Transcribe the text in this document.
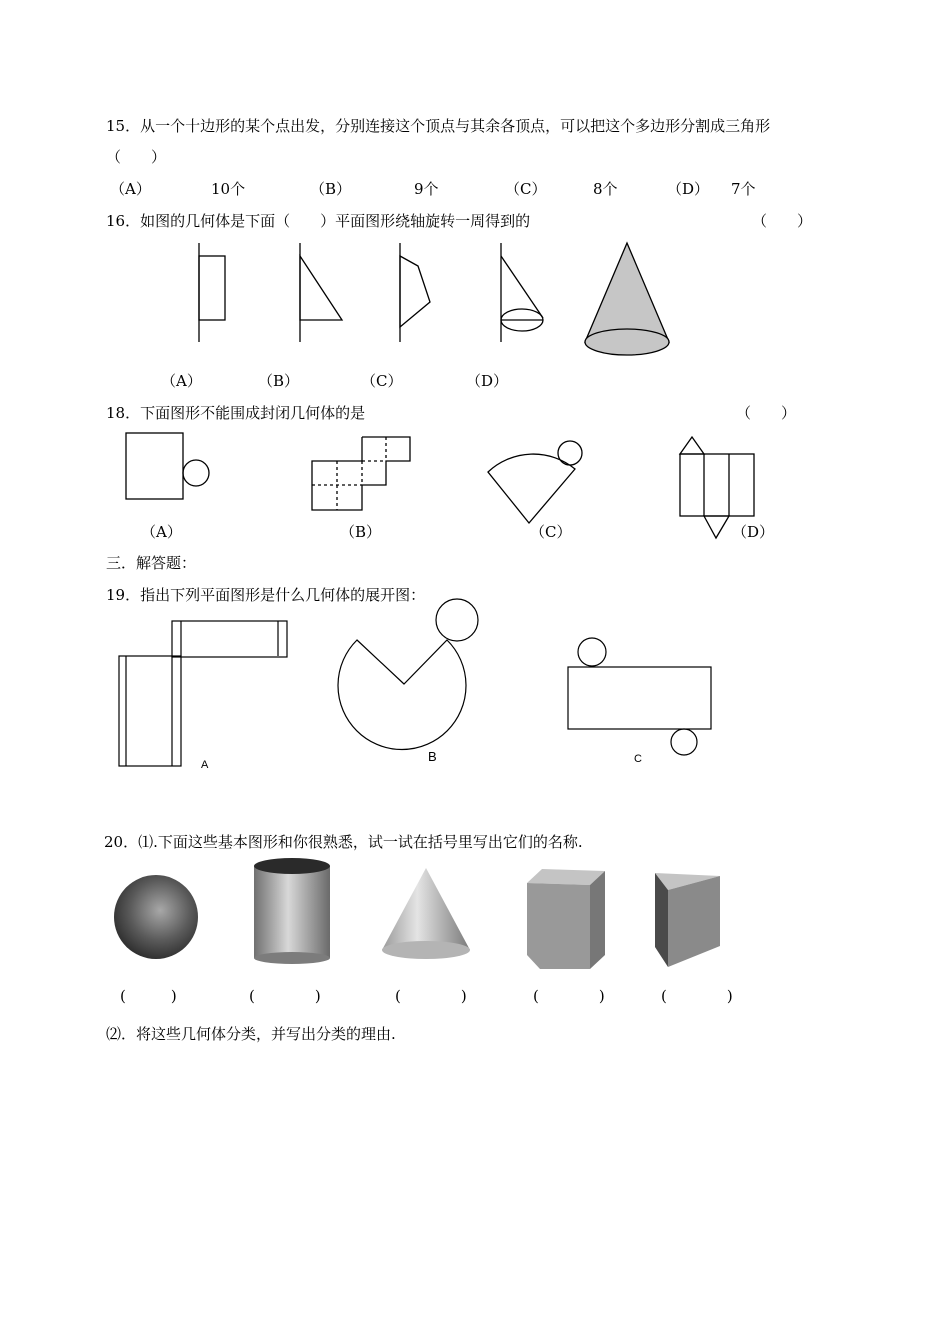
15．从一个十边形的某个点出发，分别连接这个顶点与其余各顶点，可以把这个多边形分割成三角形
（　　）
（A）	10个	（B）	9个	（C）	8个	（D） 7个
16．如图的几何体是下面（　　）平面图形绕轴旋转一周得到的	（　　）
（A）	（B）	（C）	（D）
18．下面图形不能围成封闭几何体的是	（　　）
（A）	（B）	（C）	（D）
三．解答题：
19．指出下列平面图形是什么几何体的展开图：
A
B	C
20．⑴.下面这些基本图形和你很熟悉，试一试在括号里写出它们的名称.
(　　　)	(　　　　)	(　　　　)	(　　　　)	(　　　　)
⑵．将这些几何体分类，并写出分类的理由.
